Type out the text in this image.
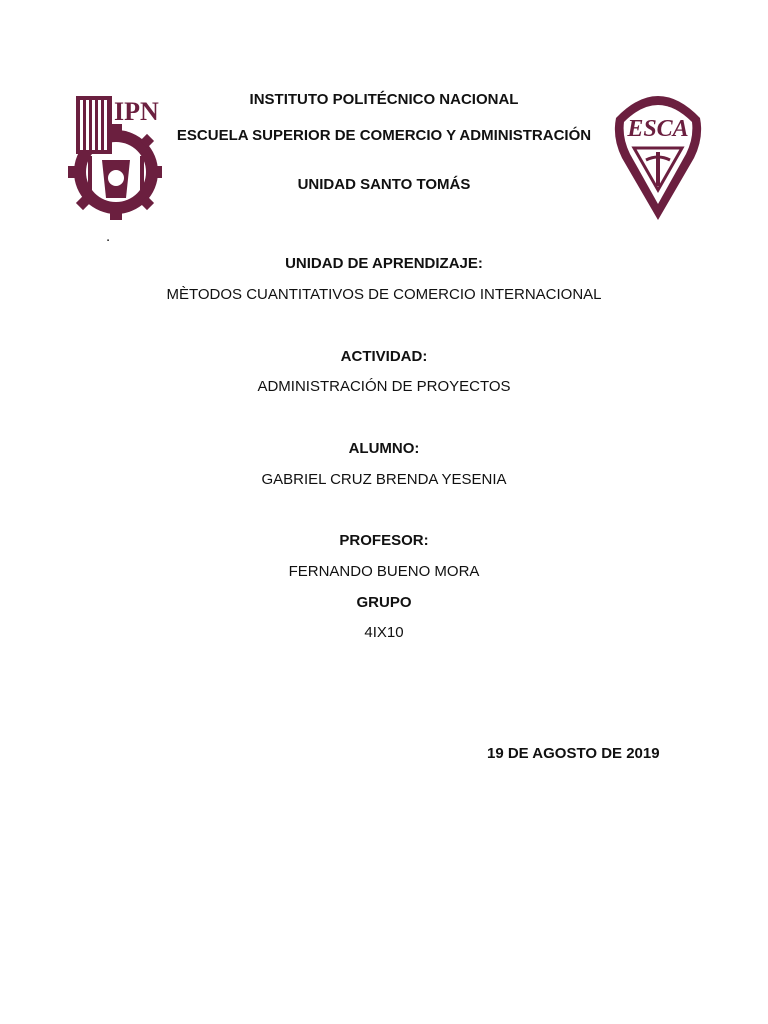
IPN
ESCA
INSTITUTO POLITÉCNICO NACIONAL
ESCUELA SUPERIOR DE COMERCIO Y ADMINISTRACIÓN
UNIDAD SANTO TOMÁS
.
UNIDAD DE APRENDIZAJE:
MÈTODOS CUANTITATIVOS DE COMERCIO INTERNACIONAL
ACTIVIDAD:
ADMINISTRACIÓN DE PROYECTOS
ALUMNO:
GABRIEL CRUZ BRENDA YESENIA
PROFESOR:
FERNANDO BUENO MORA
GRUPO
4IX10
19 DE AGOSTO DE 2019
